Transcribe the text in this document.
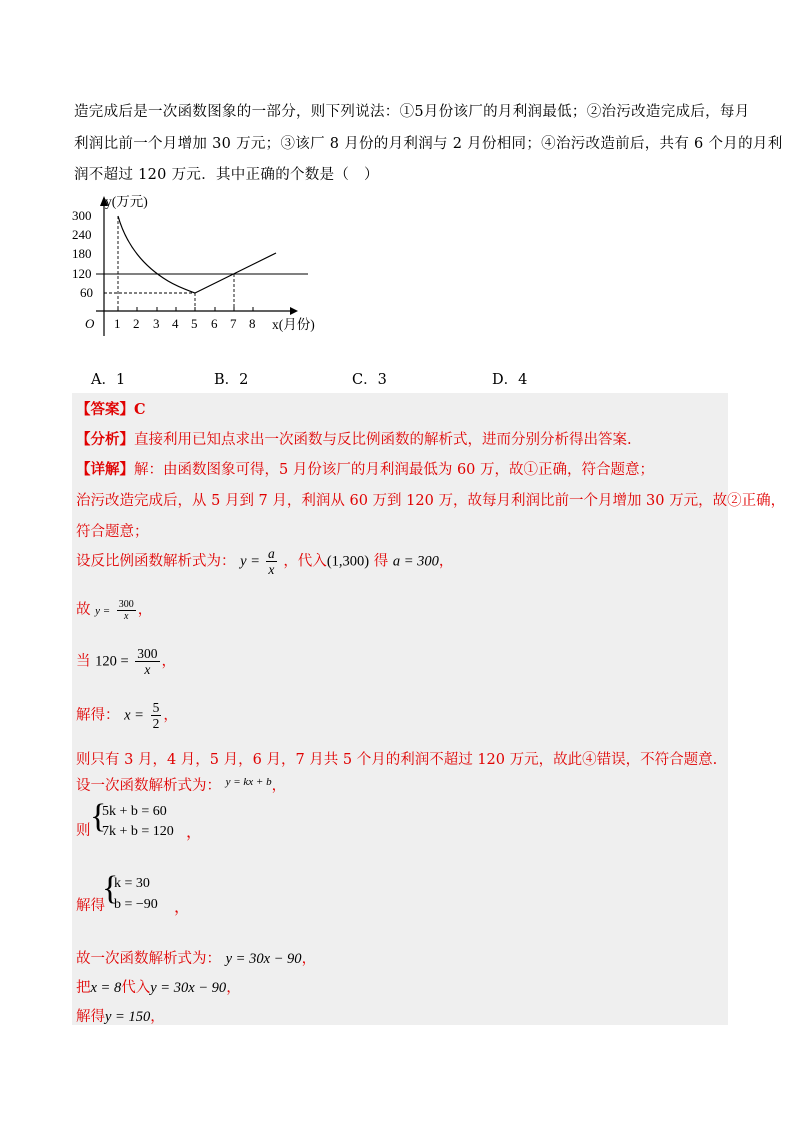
造完成后是一次函数图象的一部分，则下列说法：①5月份该厂的月利润最低；②治污改造完成后，每月
利润比前一个月增加 30 万元；③该厂 8 月份的月利润与 2 月份相同；④治污改造前后，共有 6 个月的月利
润不超过 120 万元．其中正确的个数是（　）
300
240
180
120
60
y(万元)
O 1 2 3 4 5 6 7 8 x(月份)
A．1	B．2	C．3	D．4
【答案】C
【分析】直接利用已知点求出一次函数与反比例函数的解析式，进而分别分析得出答案.
【详解】解：由函数图象可得，5 月份该厂的月利润最低为 60 万，故①正确，符合题意；
治污改造完成后，从 5 月到 7 月，利润从 60 万到 120 万，故每月利润比前一个月增加 30 万元，故②正确，
符合题意；
设反比例函数解析式为： $y = \frac{a}{x}$ ，代入(1,300) 得 a = 300，
故 $y = \frac{300}{x}$ ，
当 $120 = \frac{300}{x}$ ，
解得： $x = \frac{5}{2}$ ，
则只有 3 月，4 月，5 月，6 月，7 月共 5 个月的利润不超过 120 万元，故此④错误，不符合题意.
设一次函数解析式为： $^{y = kx + b}$，
则 {
5k + b = 60
7k + b = 120 ，
解得
{
k = 30
b = −90 ，
故一次函数解析式为： y = 30x − 90，
把x = 8代入y = 30x − 90，
解得y = 150，
